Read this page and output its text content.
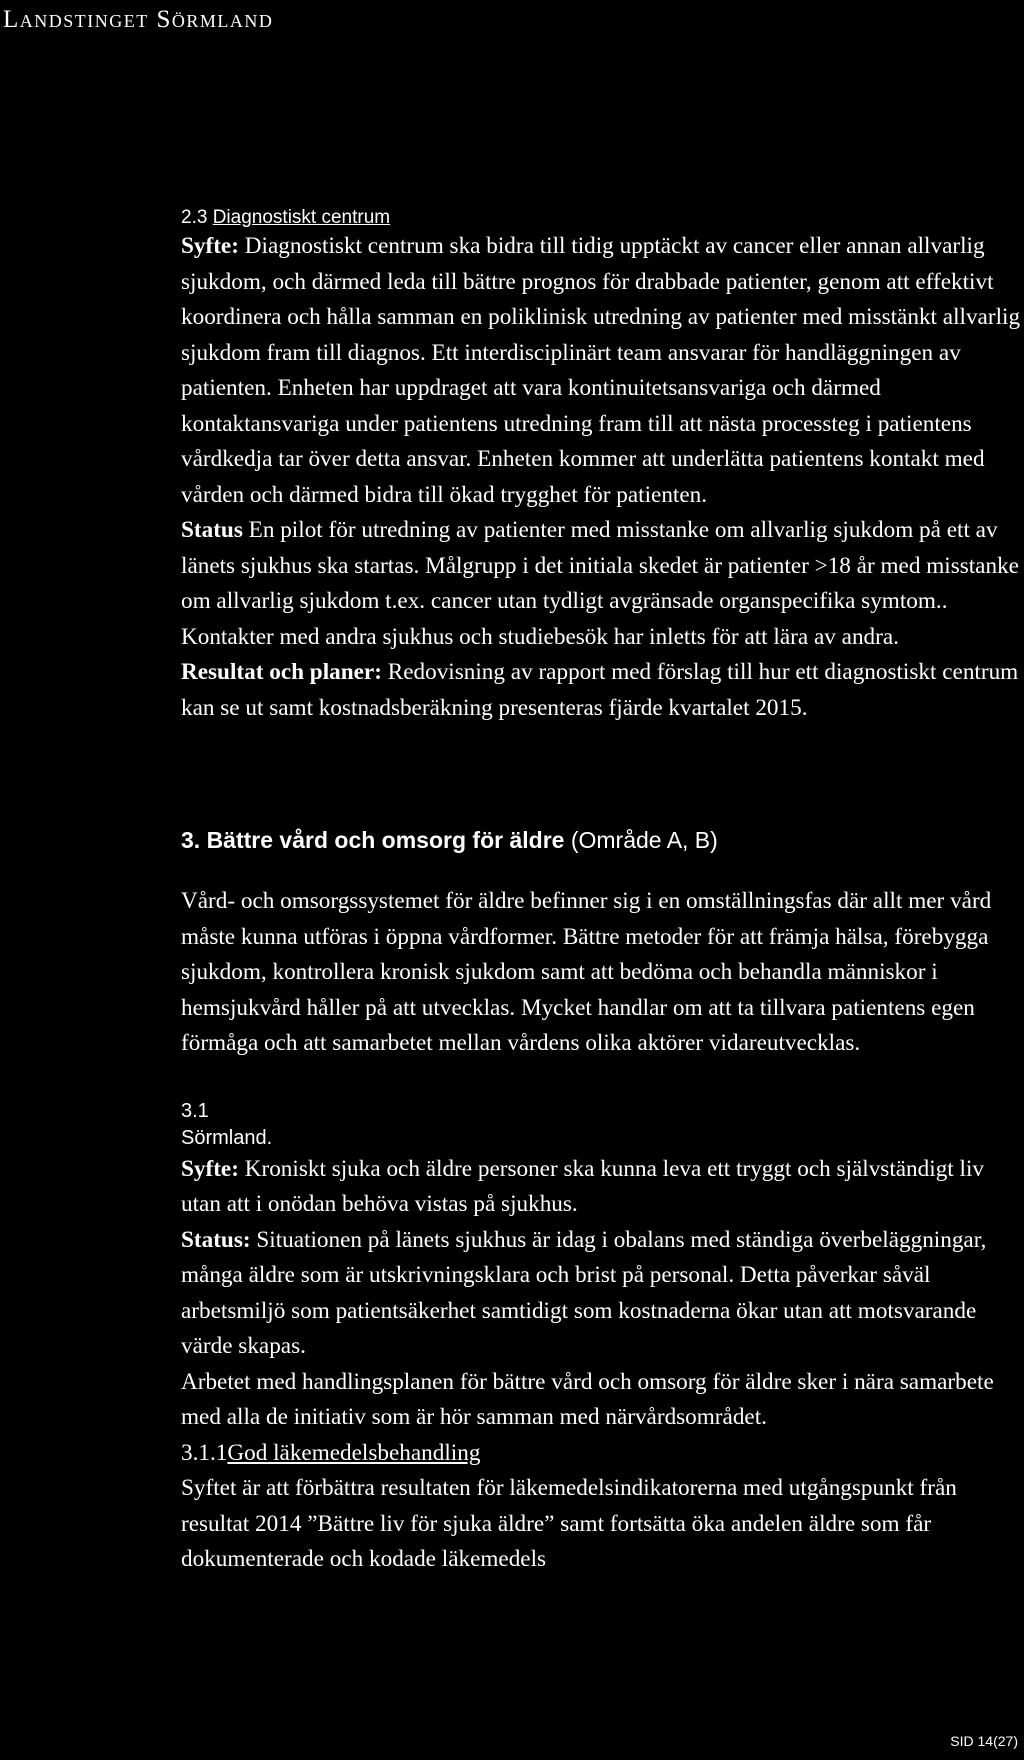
Landstinget Sörmland
2.3 Diagnostiskt centrum

Syfte: Diagnostiskt centrum ska bidra till tidig upptäckt av cancer eller annan allvarlig sjukdom, och därmed leda till bättre prognos för drabbade patienter, genom att effektivt koordinera och hålla samman en poliklinisk utredning av patienter med misstänkt allvarlig sjukdom fram till diagnos. Ett interdisciplinärt team ansvarar för handläggningen av patienten. Enheten har uppdraget att vara kontinuitetsansvariga och därmed kontaktansvariga under patientens utredning fram till att nästa processteg i patientens vårdkedja tar över detta ansvar. Enheten kommer att underlätta patientens kontakt med vården och därmed bidra till ökad trygghet för patienten.

Status En pilot för utredning av patienter med misstanke om allvarlig sjukdom på ett av länets sjukhus ska startas. Målgrupp i det initiala skedet är patienter >18 år med misstanke om allvarlig sjukdom t.ex. cancer utan tydligt avgränsade organspecifika symtom.. Kontakter med andra sjukhus och studiebesök har inletts för att lära av andra.

Resultat och planer: Redovisning av rapport med förslag till hur ett diagnostiskt centrum kan se ut samt kostnadsberäkning presenteras fjärde kvartalet 2015.

3. Bättre vård och omsorg för äldre (Område A, B)

Vård- och omsorgssystemet för äldre befinner sig i en omställningsfas där allt mer vård måste kunna utföras i öppna vårdformer. Bättre metoder för att främja hälsa, förebygga sjukdom, kontrollera kronisk sjukdom samt att bedöma och behandla människor i hemsjukvård håller på att utvecklas. Mycket handlar om att ta tillvara patientens egen förmåga och att samarbetet mellan vårdens olika aktörer vidareutvecklas.

3.1
Sörmland.

Syfte: Kroniskt sjuka och äldre personer ska kunna leva ett tryggt och självständigt liv utan att i onödan behöva vistas på sjukhus.

Status: Situationen på länets sjukhus är idag i obalans med ständiga överbeläggningar, många äldre som är utskrivningsklara och brist på personal. Detta påverkar såväl arbetsmiljö som patientsäkerhet samtidigt som kostnaderna ökar utan att motsvarande värde skapas.

Arbetet med handlingsplanen för bättre vård och omsorg för äldre sker i nära samarbete med alla de initiativ som är hör samman med närvårdsområdet.

3.1.1God läkemedelsbehandling

Syftet är att förbättra resultaten för läkemedelsindikatorerna med utgångspunkt från resultat 2014 ”Bättre liv för sjuka äldre” samt fortsätta öka andelen äldre som får dokumenterade och kodade läkemedels

SID 14(27)
